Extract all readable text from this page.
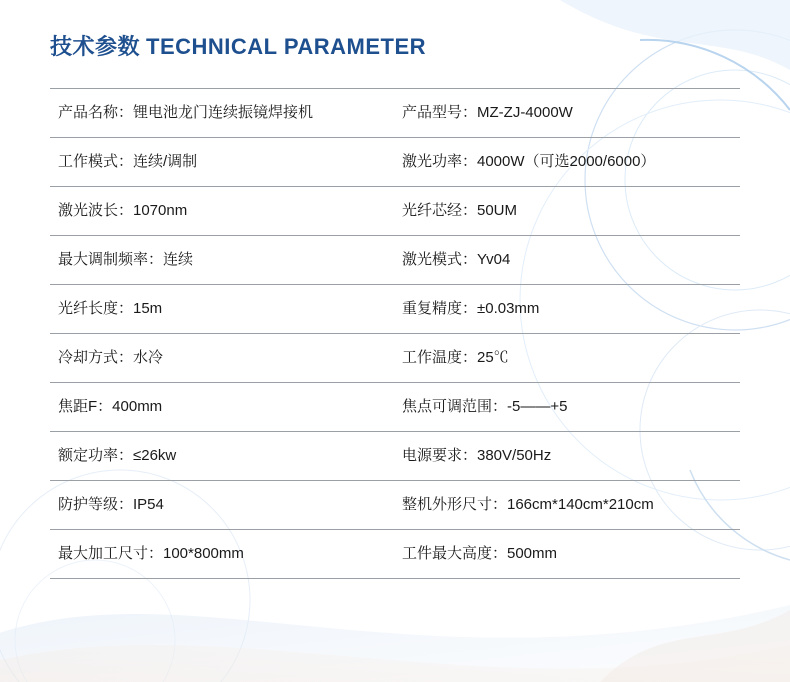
技术参数 TECHNICAL PARAMETER
产品名称：锂电池龙门连续振镜焊接机	产品型号：MZ-ZJ-4000W
工作模式：连续/调制	激光功率：4000W（可选2000/6000）
激光波长：1070nm	光纤芯经：50UM
最大调制频率：连续	激光模式：Yv04
光纤长度：15m	重复精度：±0.03mm
冷却方式：水冷	工作温度：25℃
焦距F：400mm	焦点可调范围：-5——+5
额定功率：≤26kw	电源要求：380V/50Hz
防护等级：IP54	整机外形尺寸：166cm*140cm*210cm
最大加工尺寸：100*800mm	工件最大高度：500mm
